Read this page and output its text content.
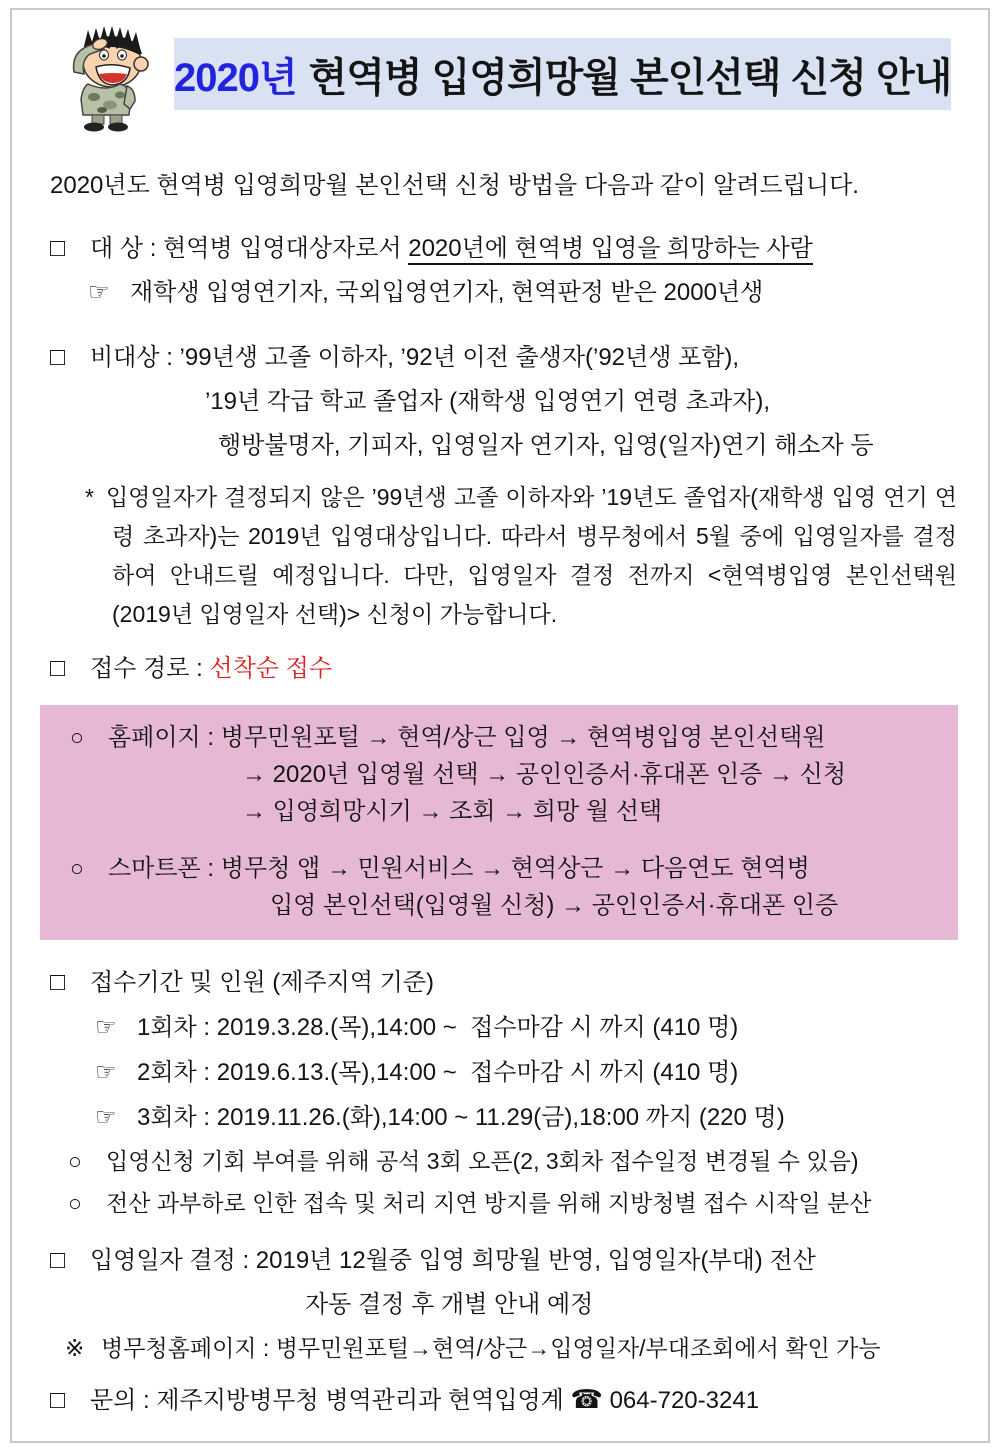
2020년 현역병 입영희망월 본인선택 신청 안내
2020년도 현역병 입영희망월 본인선택 신청 방법을 다음과 같이 알려드립니다.
□ 대 상 : 현역병 입영대상자로서 2020년에 현역병 입영을 희망하는 사람
☞ 재학생 입영연기자, 국외입영연기자, 현역판정 받은 2000년생
□ 비대상 : ’99년생 고졸 이하자, ’92년 이전 출생자(’92년생 포함),
’19년 각급 학교 졸업자 (재학생 입영연기 연령 초과자),
행방불명자, 기피자, 입영일자 연기자, 입영(일자)연기 해소자 등

* 입영일자가 결정되지 않은 ’99년생 고졸 이하자와 ’19년도 졸업자(재학생 입영 연기 연령 초과자)는 2019년 입영대상입니다. 따라서 병무청에서 5월 중에 입영일자를 결정하여 안내드릴 예정입니다. 다만, 입영일자 결정 전까지 <현역병입영 본인선택원(2019년 입영일자 선택)> 신청이 가능합니다.

□ 접수 경로 : 선착순 접수
○ 홈페이지 : 병무민원포털 → 현역/상근 입영 → 현역병입영 본인선택원
→ 2020년 입영월 선택 → 공인인증서·휴대폰 인증 → 신청
→ 입영희망시기 → 조회 → 희망 월 선택
○ 스마트폰 : 병무청 앱 → 민원서비스 → 현역상근 → 다음연도 현역병
입영 본인선택(입영월 신청) → 공인인증서·휴대폰 인증
□ 접수기간 및 인원 (제주지역 기준)
☞ 1회차 : 2019.3.28.(목),14:00 ~  접수마감 시 까지 (410 명)
☞ 2회차 : 2019.6.13.(목),14:00 ~  접수마감 시 까지 (410 명)
☞ 3회차 : 2019.11.26.(화),14:00 ~ 11.29(금),18:00 까지 (220 명)
○ 입영신청 기회 부여를 위해 공석 3회 오픈(2, 3회차 접수일정 변경될 수 있음)
○ 전산 과부하로 인한 접속 및 처리 지연 방지를 위해 지방청별 접수 시작일 분산
□ 입영일자 결정 : 2019년 12월중 입영 희망월 반영, 입영일자(부대) 전산
자동 결정 후 개별 안내 예정
※ 병무청홈페이지 : 병무민원포털→현역/상근→입영일자/부대조회에서 확인 가능
□ 문의 : 제주지방병무청 병역관리과 현역입영계 ☎ 064-720-3241
